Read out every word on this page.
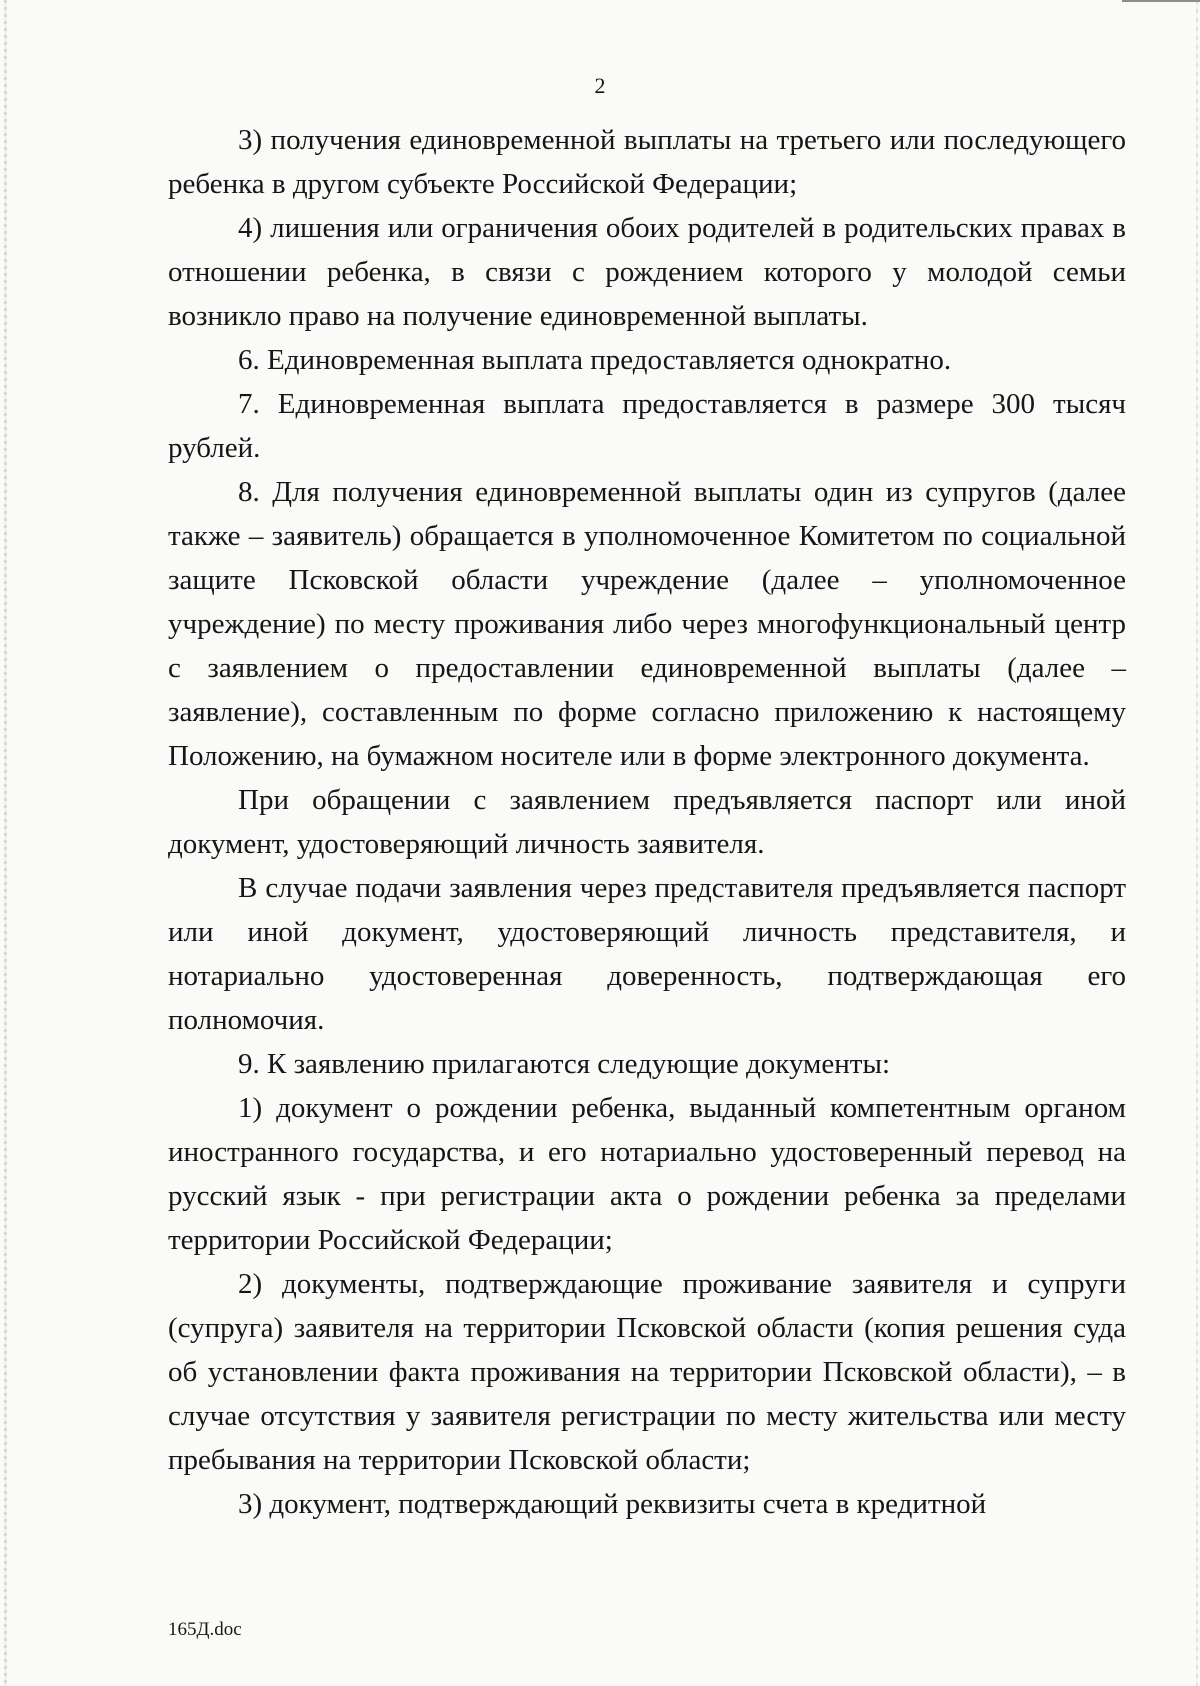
2

3) получения единовременной выплаты на третьего или последующего ребенка в другом субъекте Российской Федерации;

4) лишения или ограничения обоих родителей в родительских правах в отношении ребенка, в связи с рождением которого у молодой семьи возникло право на получение единовременной выплаты.

6. Единовременная выплата предоставляется однократно.

7. Единовременная выплата предоставляется в размере 300 тысяч рублей.

8. Для получения единовременной выплаты один из супругов (далее также – заявитель) обращается в уполномоченное Комитетом по социальной защите Псковской области учреждение (далее – уполномоченное учреждение) по месту проживания либо через многофункциональный центр с заявлением о предоставлении единовременной выплаты (далее – заявление), составленным по форме согласно приложению к настоящему Положению, на бумажном носителе или в форме электронного документа.

При обращении с заявлением предъявляется паспорт или иной документ, удостоверяющий личность заявителя.

В случае подачи заявления через представителя предъявляется паспорт или иной документ, удостоверяющий личность представителя, и нотариально удостоверенная доверенность, подтверждающая его полномочия.

9. К заявлению прилагаются следующие документы:

1) документ о рождении ребенка, выданный компетентным органом иностранного государства, и его нотариально удостоверенный перевод на русский язык - при регистрации акта о рождении ребенка за пределами территории Российской Федерации;

2) документы, подтверждающие проживание заявителя и супруги (супруга) заявителя на территории Псковской области (копия решения суда об установлении факта проживания на территории Псковской области), – в случае отсутствия у заявителя регистрации по месту жительства или месту пребывания на территории Псковской области;

3) документ, подтверждающий реквизиты счета в кредитной

165Д.doc
